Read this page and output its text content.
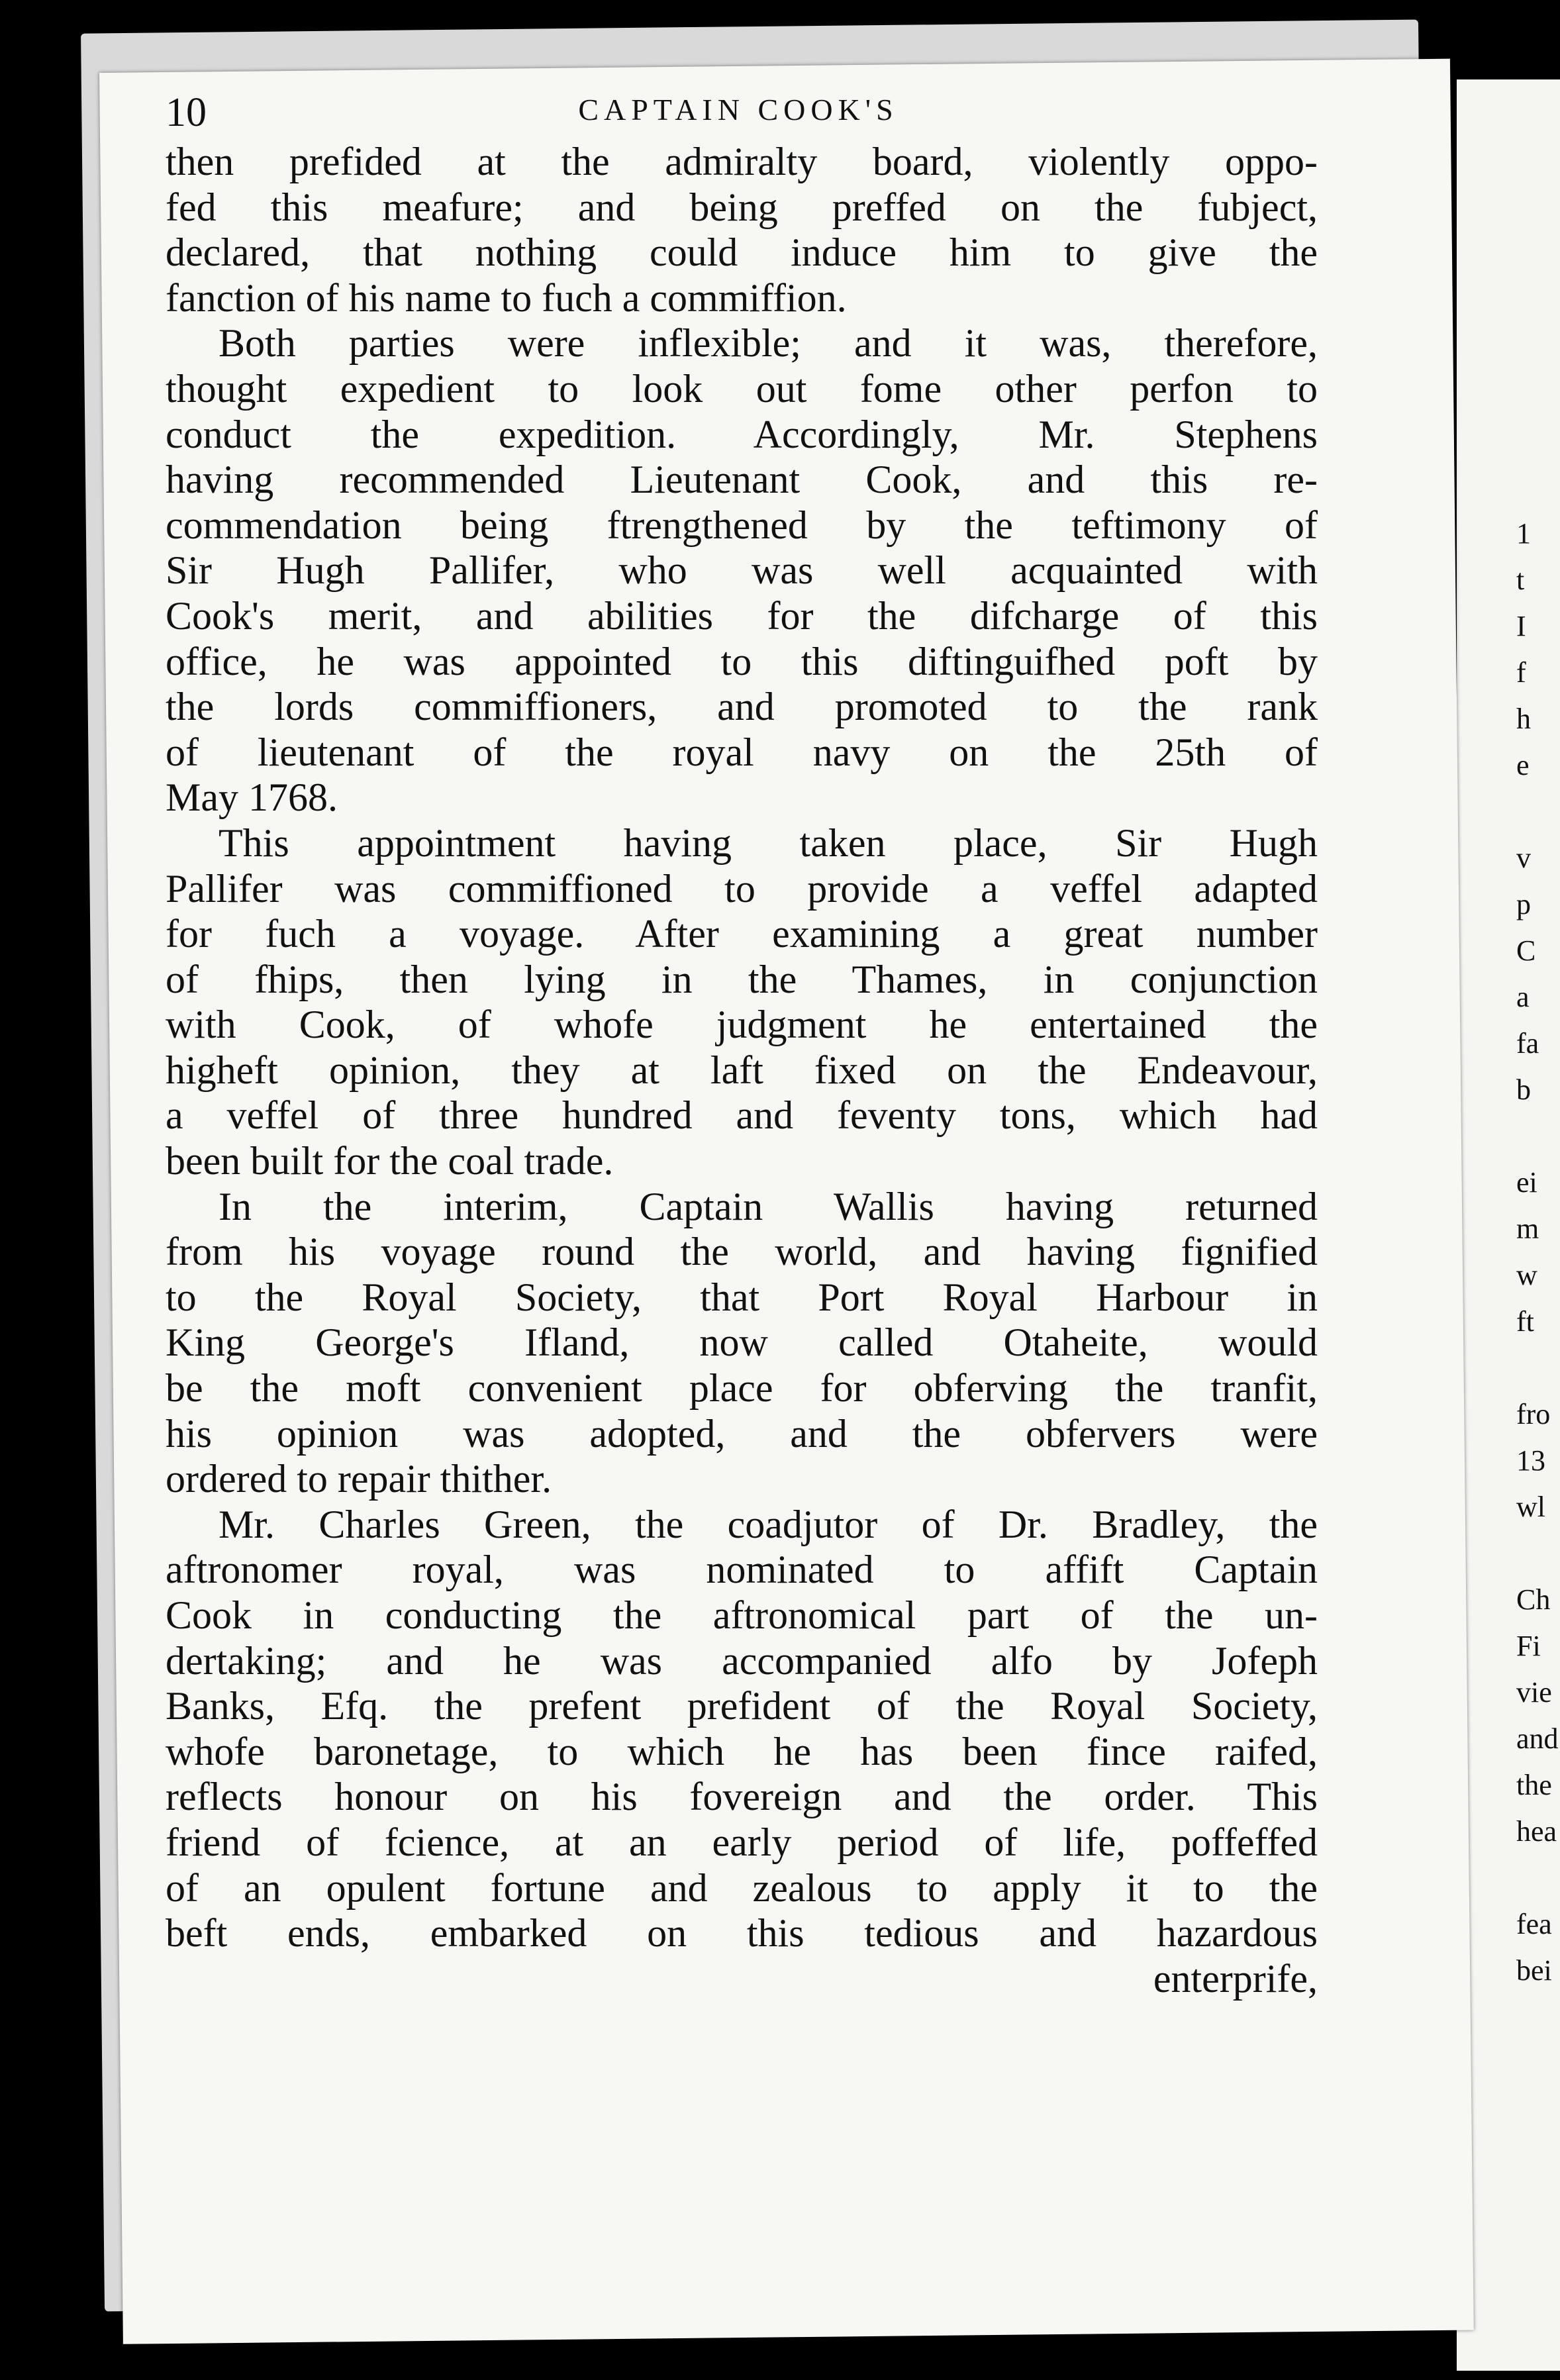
1
t
I
f
h
e
v
p
C
a
fa
b
ei
m
w
ft
fro
13
wl
Ch
Fi
vie
and
the
hea
fea
bei
10	CAPTAIN COOK'S
then prefided at the admiralty board, violently oppo-
fed this meafure; and being preffed on the fubject,
declared, that nothing could induce him to give the
fanction of his name to fuch a commiffion.
Both parties were inflexible; and it was, therefore,
thought expedient to look out fome other perfon to
conduct the expedition. Accordingly, Mr. Stephens
having recommended Lieutenant Cook, and this re-
commendation being ftrengthened by the teftimony of
Sir Hugh Pallifer, who was well acquainted with
Cook's merit, and abilities for the difcharge of this
office, he was appointed to this diftinguifhed poft by
the lords commiffioners, and promoted to the rank
of lieutenant of the royal navy on the 25th of
May 1768.
This appointment having taken place, Sir Hugh
Pallifer was commiffioned to provide a veffel adapted
for fuch a voyage. After examining a great number
of fhips, then lying in the Thames, in conjunction
with Cook, of whofe judgment he entertained the
higheft opinion, they at laft fixed on the Endeavour,
a veffel of three hundred and feventy tons, which had
been built for the coal trade.
In the interim, Captain Wallis having returned
from his voyage round the world, and having fignified
to the Royal Society, that Port Royal Harbour in
King George's Ifland, now called Otaheite, would
be the moft convenient place for obferving the tranfit,
his opinion was adopted, and the obfervers were
ordered to repair thither.
Mr. Charles Green, the coadjutor of Dr. Bradley, the
aftronomer royal, was nominated to affift Captain
Cook in conducting the aftronomical part of the un-
dertaking; and he was accompanied alfo by Jofeph
Banks, Efq. the prefent prefident of the Royal Society,
whofe baronetage, to which he has been fince raifed,
reflects honour on his fovereign and the order. This
friend of fcience, at an early period of life, poffeffed
of an opulent fortune and zealous to apply it to the
beft ends, embarked on this tedious and hazardous
enterprife,
